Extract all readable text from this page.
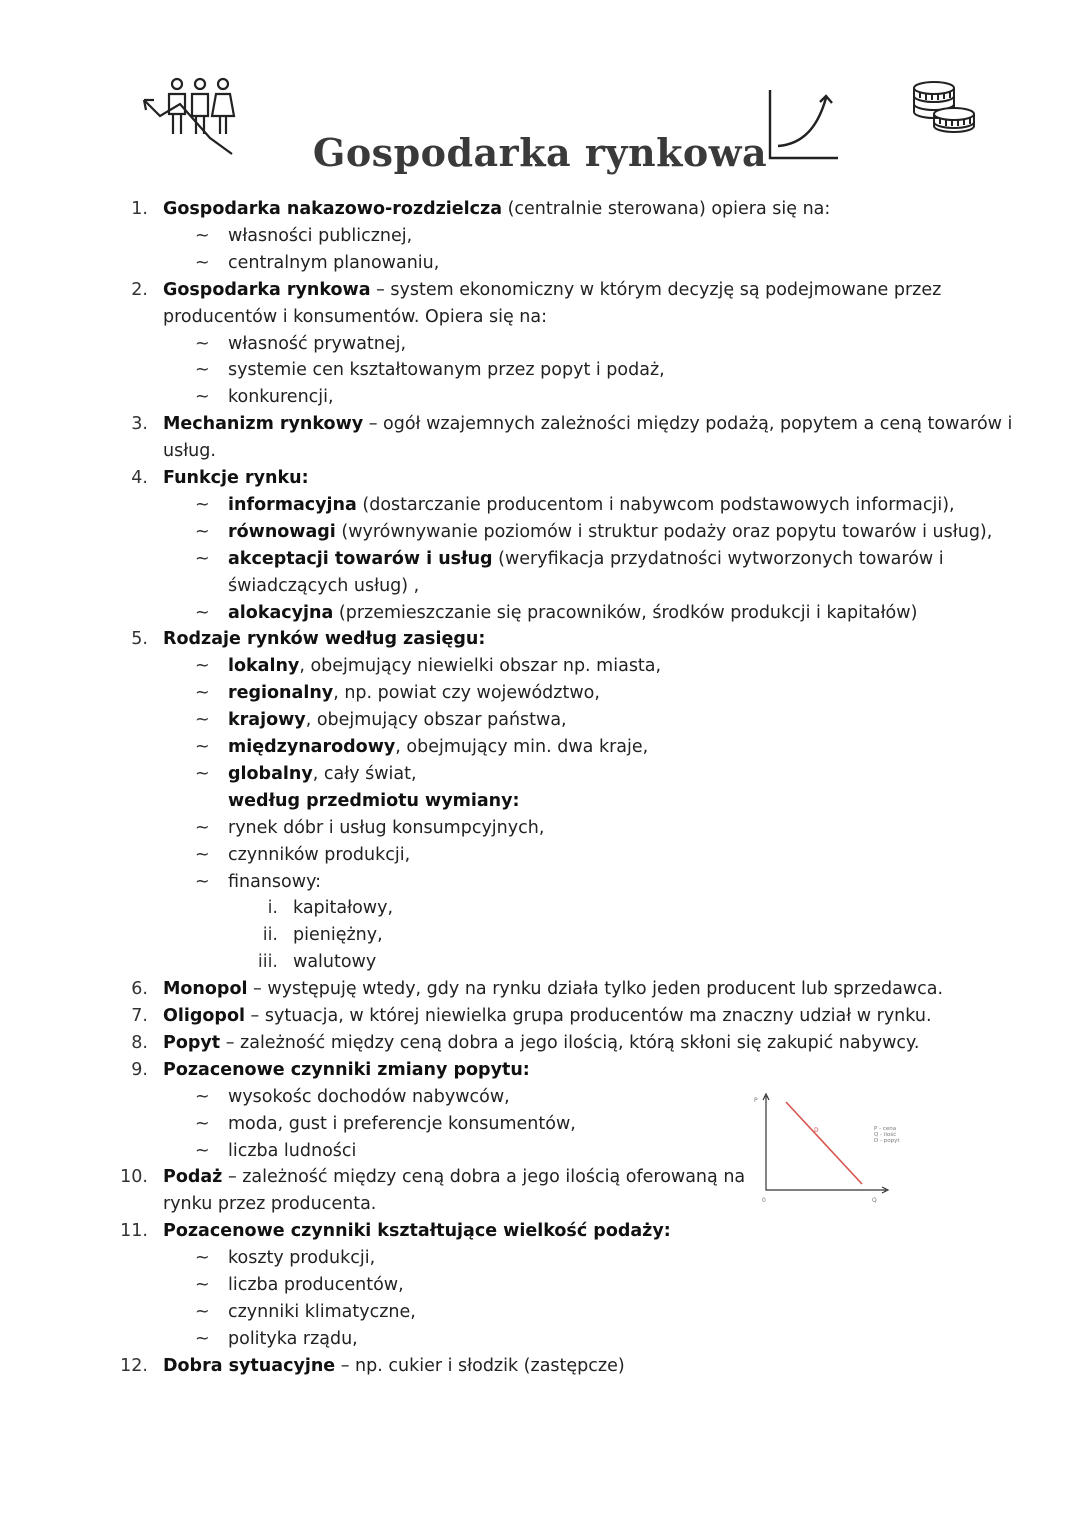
Gospodarka rynkowa
1. Gospodarka nakazowo-rozdzielcza (centralnie sterowana) opiera się na:
~ własności publicznej,
~ centralnym planowaniu,
2. Gospodarka rynkowa – system ekonomiczny w którym decyzję są podejmowane przez
producentów i konsumentów. Opiera się na:
~ własność prywatnej,
~ systemie cen kształtowanym przez popyt i podaż,
~ konkurencji,
3. Mechanizm rynkowy – ogół wzajemnych zależności między podażą, popytem a ceną towarów i
usług.
4. Funkcje rynku:
~ informacyjna (dostarczanie producentom i nabywcom podstawowych informacji),
~ równowagi (wyrównywanie poziomów i struktur podaży oraz popytu towarów i usług),
~ akceptacji towarów i usług (weryfikacja przydatności wytworzonych towarów i
świadczących usług) ,
~ alokacyjna (przemieszczanie się pracowników, środków produkcji i kapitałów)
5. Rodzaje rynków według zasięgu:
~ lokalny, obejmujący niewielki obszar np. miasta,
~ regionalny, np. powiat czy województwo,
~ krajowy, obejmujący obszar państwa,
~ międzynarodowy, obejmujący min. dwa kraje,
~ globalny, cały świat,
według przedmiotu wymiany:
~ rynek dóbr i usług konsumpcyjnych,
~ czynników produkcji,
~ finansowy:
i. kapitałowy,
ii. pieniężny,
iii. walutowy
6. Monopol – występuję wtedy, gdy na rynku działa tylko jeden producent lub sprzedawca.
7. Oligopol – sytuacja, w której niewielka grupa producentów ma znaczny udział w rynku.
8. Popyt – zależność między ceną dobra a jego ilością, którą skłoni się zakupić nabywcy.
9. Pozacenowe czynniki zmiany popytu:
~ wysokośc dochodów nabywców,
~ moda, gust i preferencje konsumentów,
~ liczba ludności
10. Podaż – zależność między ceną dobra a jego ilością oferowaną na
rynku przez producenta.
11. Pozacenowe czynniki kształtujące wielkość podaży:
~ koszty produkcji,
~ liczba producentów,
~ czynniki klimatyczne,
~ polityka rządu,
12. Dobra sytuacyjne – np. cukier i słodzik (zastępcze)
P
Q
0
D	P - cena
Q - ilość
D - popyt
